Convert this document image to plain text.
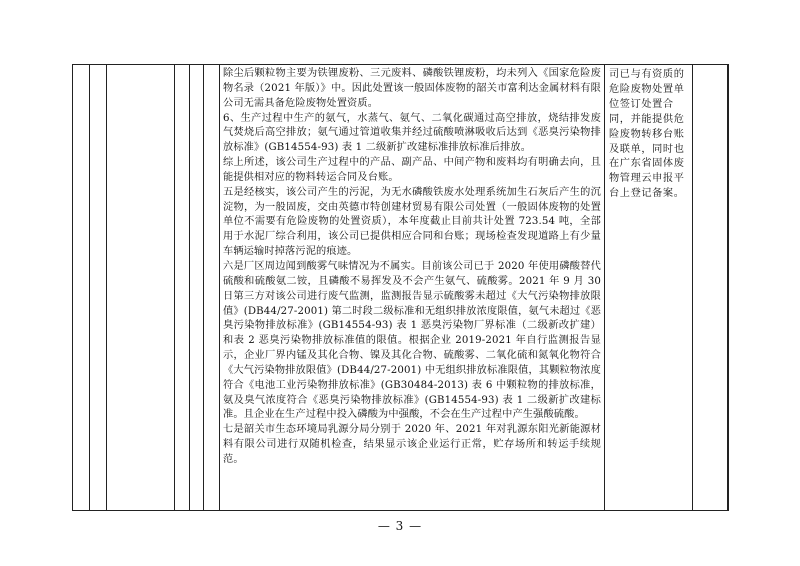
除尘后颗粒物主要为铁锂废粉、三元废料、磷酸铁锂废粉，均未列入《国家危险废物名录（2021 年版）》中。因此处置该一般固体废物的韶关市富利达金属材料有限公司无需具备危险废物处置资质。

6、生产过程中生产的氨气，水蒸气、氨气、二氧化碳通过高空排放，烧结排发废气焚烧后高空排放；氨气通过管道收集并经过硫酸喷淋吸收后达到《恶臭污染物排放标准》(GB14554-93) 表 1 二级新扩改建标准排放标准后排放。

综上所述，该公司生产过程中的产品、副产品、中间产物和废料均有明确去向，且能提供相对应的物料转运合同及台账。

五是经核实，该公司产生的污泥，为无水磷酸铁废水处理系统加生石灰后产生的沉淀物，为一般固废，交由英德市特创建材贸易有限公司处置（一般固体废物的处置单位不需要有危险废物的处置资质），本年度截止目前共计处置 723.54 吨，全部用于水泥厂综合利用，该公司已提供相应合同和台账；现场检查发现道路上有少量车辆运输时掉落污泥的痕迹。

六是厂区周边闻到酸雾气味情况为不属实。目前该公司已于 2020 年使用磷酸替代硫酸和硫酸氨二铵，且磷酸不易挥发及不会产生氨气、硫酸雾。2021 年 9 月 30 日第三方对该公司进行废气监测，监测报告显示硫酸雾未超过《大气污染物排放限值》(DB44/27-2001) 第二时段二级标准和无组织排放浓度限值，氨气未超过《恶臭污染物排放标准》(GB14554-93) 表 1 恶臭污染物厂界标准（二级新改扩建）和表 2 恶臭污染物排放标准值的限值。根据企业 2019-2021 年自行监测报告显示，企业厂界内锰及其化合物、镍及其化合物、硫酸雾、二氧化硫和氮氧化物符合《大气污染物排放限值》(DB44/27-2001) 中无组织排放标准限值，其颗粒物浓度符合《电池工业污染物排放标准》(GB30484-2013) 表 6 中颗粒物的排放标准，氨及臭气浓度符合《恶臭污染物排放标准》(GB14554-93) 表 1 二级新扩改建标准。且企业在生产过程中投入磷酸为中强酸，不会在生产过程中产生强酸硫酸。

七是韶关市生态环境局乳源分局分别于 2020 年、2021 年对乳源东阳光新能源材料有限公司进行双随机检查，结果显示该企业运行正常，贮存场所和转运手续规范。

司已与有资质的危险废物处置单位签订处置合同，并能提供危险废物转移台账及联单，同时也在广东省固体废物管理云申报平台上登记备案。

— 3 —
